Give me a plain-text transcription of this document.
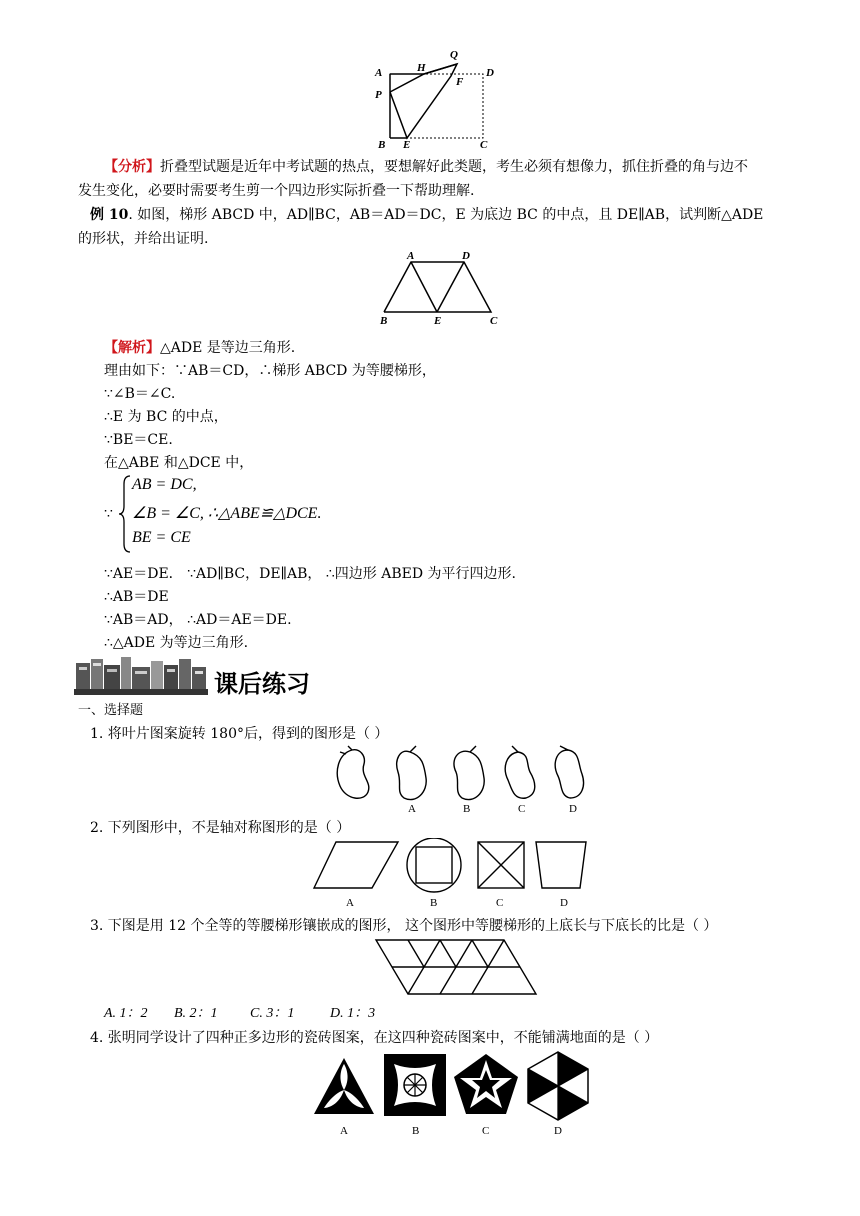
A	H
Q
D
P
F
B E	C
【分析】折叠型试题是近年中考试题的热点，要想解好此类题，考生必须有想像力，抓住折叠的角与边不
发生变化，必要时需要考生剪一个四边形实际折叠一下帮助理解.
例 10. 如图，梯形 ABCD 中，AD∥BC，AB＝AD＝DC，E 为底边 BC 的中点，且 DE∥AB，试判断△ADE
的形状，并给出证明.
A	D
B	E	C
【解析】△ADE 是等边三角形.
理由如下：∵AB＝CD，∴梯形 ABCD 为等腰梯形，
∵∠B＝∠C.
∴E 为 BC 的中点，
∵BE＝CE.
在△ABE 和△DCE 中，
∵
AB = DC,
∠B = ∠C, ∴△ABE≌△DCE.
BE = CE
∵AE＝DE． ∵AD∥BC，DE∥AB， ∴四边形 ABED 为平行四边形.
∴AB＝DE
∵AB＝AD， ∴AD＝AE＝DE.
∴△ADE 为等边三角形.
课后练习
一、选择题
1. 将叶片图案旋转 180°后，得到的图形是（ ）
A	B	C	D
2. 下列图形中，不是轴对称图形的是（ ）
A	B	C	D
3. 下图是用 12 个全等的等腰梯形镶嵌成的图形， 这个图形中等腰梯形的上底长与下底长的比是（ ）
A. 1：2 B. 2：1 C. 3：1	D. 1：3
4. 张明同学设计了四种正多边形的瓷砖图案，在这四种瓷砖图案中，不能铺满地面的是（ ）
A	B	C	D
